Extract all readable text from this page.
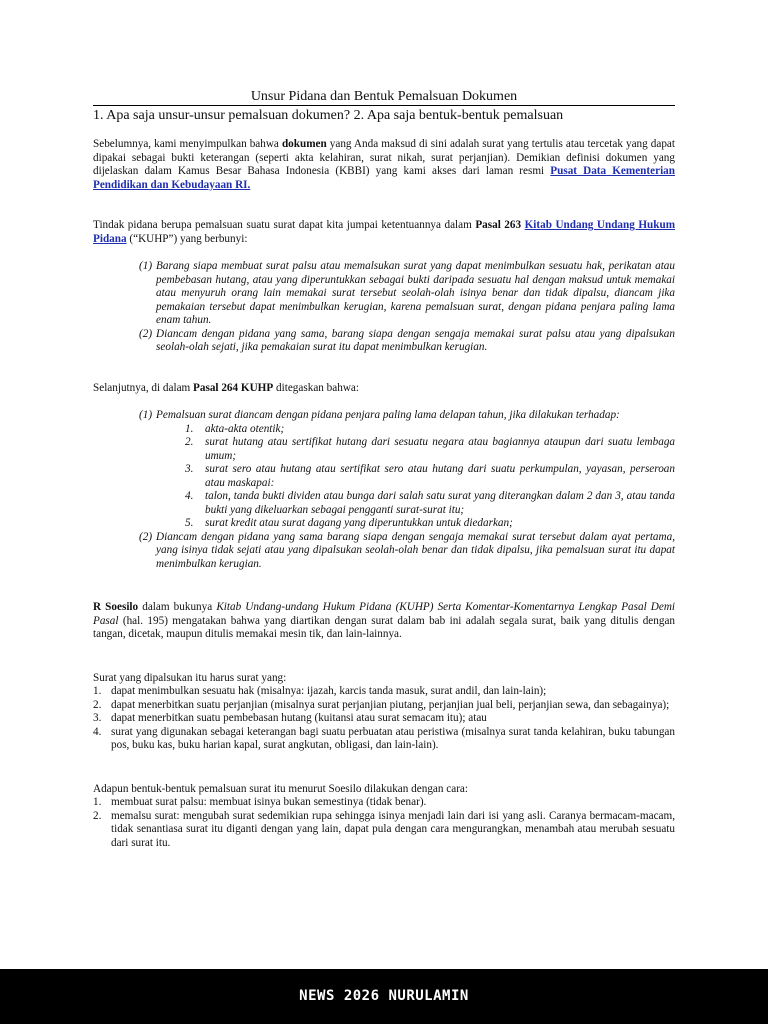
Unsur Pidana dan Bentuk Pemalsuan Dokumen
1. Apa saja unsur-unsur pemalsuan dokumen? 2. Apa saja bentuk-bentuk pemalsuan

Sebelumnya, kami menyimpulkan bahwa dokumen yang Anda maksud di sini adalah surat yang tertulis atau tercetak yang dapat dipakai sebagai bukti keterangan (seperti akta kelahiran, surat nikah, surat perjanjian). Demikian definisi dokumen yang dijelaskan dalam Kamus Besar Bahasa Indonesia (KBBI) yang kami akses dari laman resmi Pusat Data Kementerian Pendidikan dan Kebudayaan RI.

Tindak pidana berupa pemalsuan suatu surat dapat kita jumpai ketentuannya dalam Pasal 263 Kitab Undang Undang Hukum Pidana (“KUHP”) yang berbunyi:

(1) Barang siapa membuat surat palsu atau memalsukan surat yang dapat menimbulkan sesuatu hak, perikatan atau pembebasan hutang, atau yang diperuntukkan sebagai bukti daripada sesuatu hal dengan maksud untuk memakai atau menyuruh orang lain memakai surat tersebut seolah-olah isinya benar dan tidak dipalsu, diancam jika pemakaian tersebut dapat menimbulkan kerugian, karena pemalsuan surat, dengan pidana penjara paling lama enam tahun.
(2) Diancam dengan pidana yang sama, barang siapa dengan sengaja memakai surat palsu atau yang dipalsukan seolah-olah sejati, jika pemakaian surat itu dapat menimbulkan kerugian.

Selanjutnya, di dalam Pasal 264 KUHP ditegaskan bahwa:

(1) Pemalsuan surat diancam dengan pidana penjara paling lama delapan tahun, jika dilakukan terhadap:
1.	akta-akta otentik;
2.	surat hutang atau sertifikat hutang dari sesuatu negara atau bagiannya ataupun dari suatu lembaga umum;
3.	surat sero atau hutang atau sertifikat sero atau hutang dari suatu perkumpulan, yayasan, perseroan atau maskapai:
4.	talon, tanda bukti dividen atau bunga dari salah satu surat yang diterangkan dalam 2 dan 3, atau tanda bukti yang dikeluarkan sebagai pengganti surat-surat itu;
5.	surat kredit atau surat dagang yang diperuntukkan untuk diedarkan;
(2) Diancam dengan pidana yang sama barang siapa dengan sengaja memakai surat tersebut dalam ayat pertama, yang isinya tidak sejati atau yang dipalsukan seolah-olah benar dan tidak dipalsu, jika pemalsuan surat itu dapat menimbulkan kerugian.

R Soesilo dalam bukunya Kitab Undang-undang Hukum Pidana (KUHP) Serta Komentar-Komentarnya Lengkap Pasal Demi Pasal (hal. 195) mengatakan bahwa yang diartikan dengan surat dalam bab ini adalah segala surat, baik yang ditulis dengan tangan, dicetak, maupun ditulis memakai mesin tik, dan lain-lainnya.

Surat yang dipalsukan itu harus surat yang:

1. dapat menimbulkan sesuatu hak (misalnya: ijazah, karcis tanda masuk, surat andil, dan lain-lain);
2. dapat menerbitkan suatu perjanjian (misalnya surat perjanjian piutang, perjanjian jual beli, perjanjian sewa, dan sebagainya);
3. dapat menerbitkan suatu pembebasan hutang (kuitansi atau surat semacam itu); atau
4. surat yang digunakan sebagai keterangan bagi suatu perbuatan atau peristiwa (misalnya surat tanda kelahiran, buku tabungan pos, buku kas, buku harian kapal, surat angkutan, obligasi, dan lain-lain).

Adapun bentuk-bentuk pemalsuan surat itu menurut Soesilo dilakukan dengan cara:

1. membuat surat palsu: membuat isinya bukan semestinya (tidak benar).
2. memalsu surat: mengubah surat sedemikian rupa sehingga isinya menjadi lain dari isi yang asli. Caranya bermacam-macam, tidak senantiasa surat itu diganti dengan yang lain, dapat pula dengan cara mengurangkan, menambah atau merubah sesuatu dari surat itu.
NEWS 2026 NURULAMIN
